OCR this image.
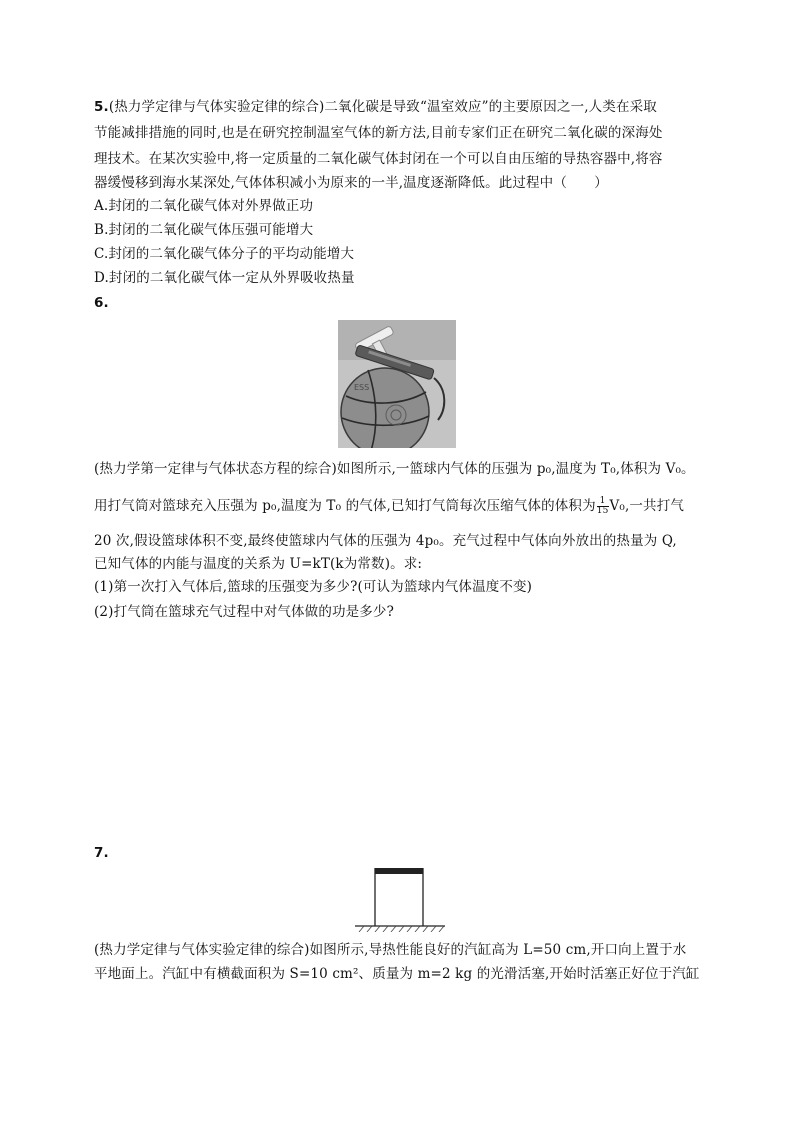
5.(热力学定律与气体实验定律的综合)二氧化碳是导致“温室效应”的主要原因之一,人类在采取
节能减排措施的同时,也是在研究控制温室气体的新方法,目前专家们正在研究二氧化碳的深海处
理技术。在某次实验中,将一定质量的二氧化碳气体封闭在一个可以自由压缩的导热容器中,将容
器缓慢移到海水某深处,气体体积减小为原来的一半,温度逐渐降低。此过程中（　　）
A.封闭的二氧化碳气体对外界做正功
B.封闭的二氧化碳气体压强可能增大
C.封闭的二氧化碳气体分子的平均动能增大
D.封闭的二氧化碳气体一定从外界吸收热量
6.
ESS
(热力学第一定律与气体状态方程的综合)如图所示,一篮球内气体的压强为 p₀,温度为 T₀,体积为 V₀。
用打气筒对篮球充入压强为 p₀,温度为 T₀ 的气体,已知打气筒每次压缩气体的体积为 $\frac{1}{15} V_0$,一共打气
20 次,假设篮球体积不变,最终使篮球内气体的压强为 4p₀。充气过程中气体向外放出的热量为 Q,
已知气体的内能与温度的关系为 U=kT(k为常数)。求:
(1)第一次打入气体后,篮球的压强变为多少?(可认为篮球内气体温度不变)
(2)打气筒在篮球充气过程中对气体做的功是多少?
7.
(热力学定律与气体实验定律的综合)如图所示,导热性能良好的汽缸高为 L=50 cm,开口向上置于水
平地面上。汽缸中有横截面积为 S=10 cm²、质量为 m=2 kg 的光滑活塞,开始时活塞正好位于汽缸
